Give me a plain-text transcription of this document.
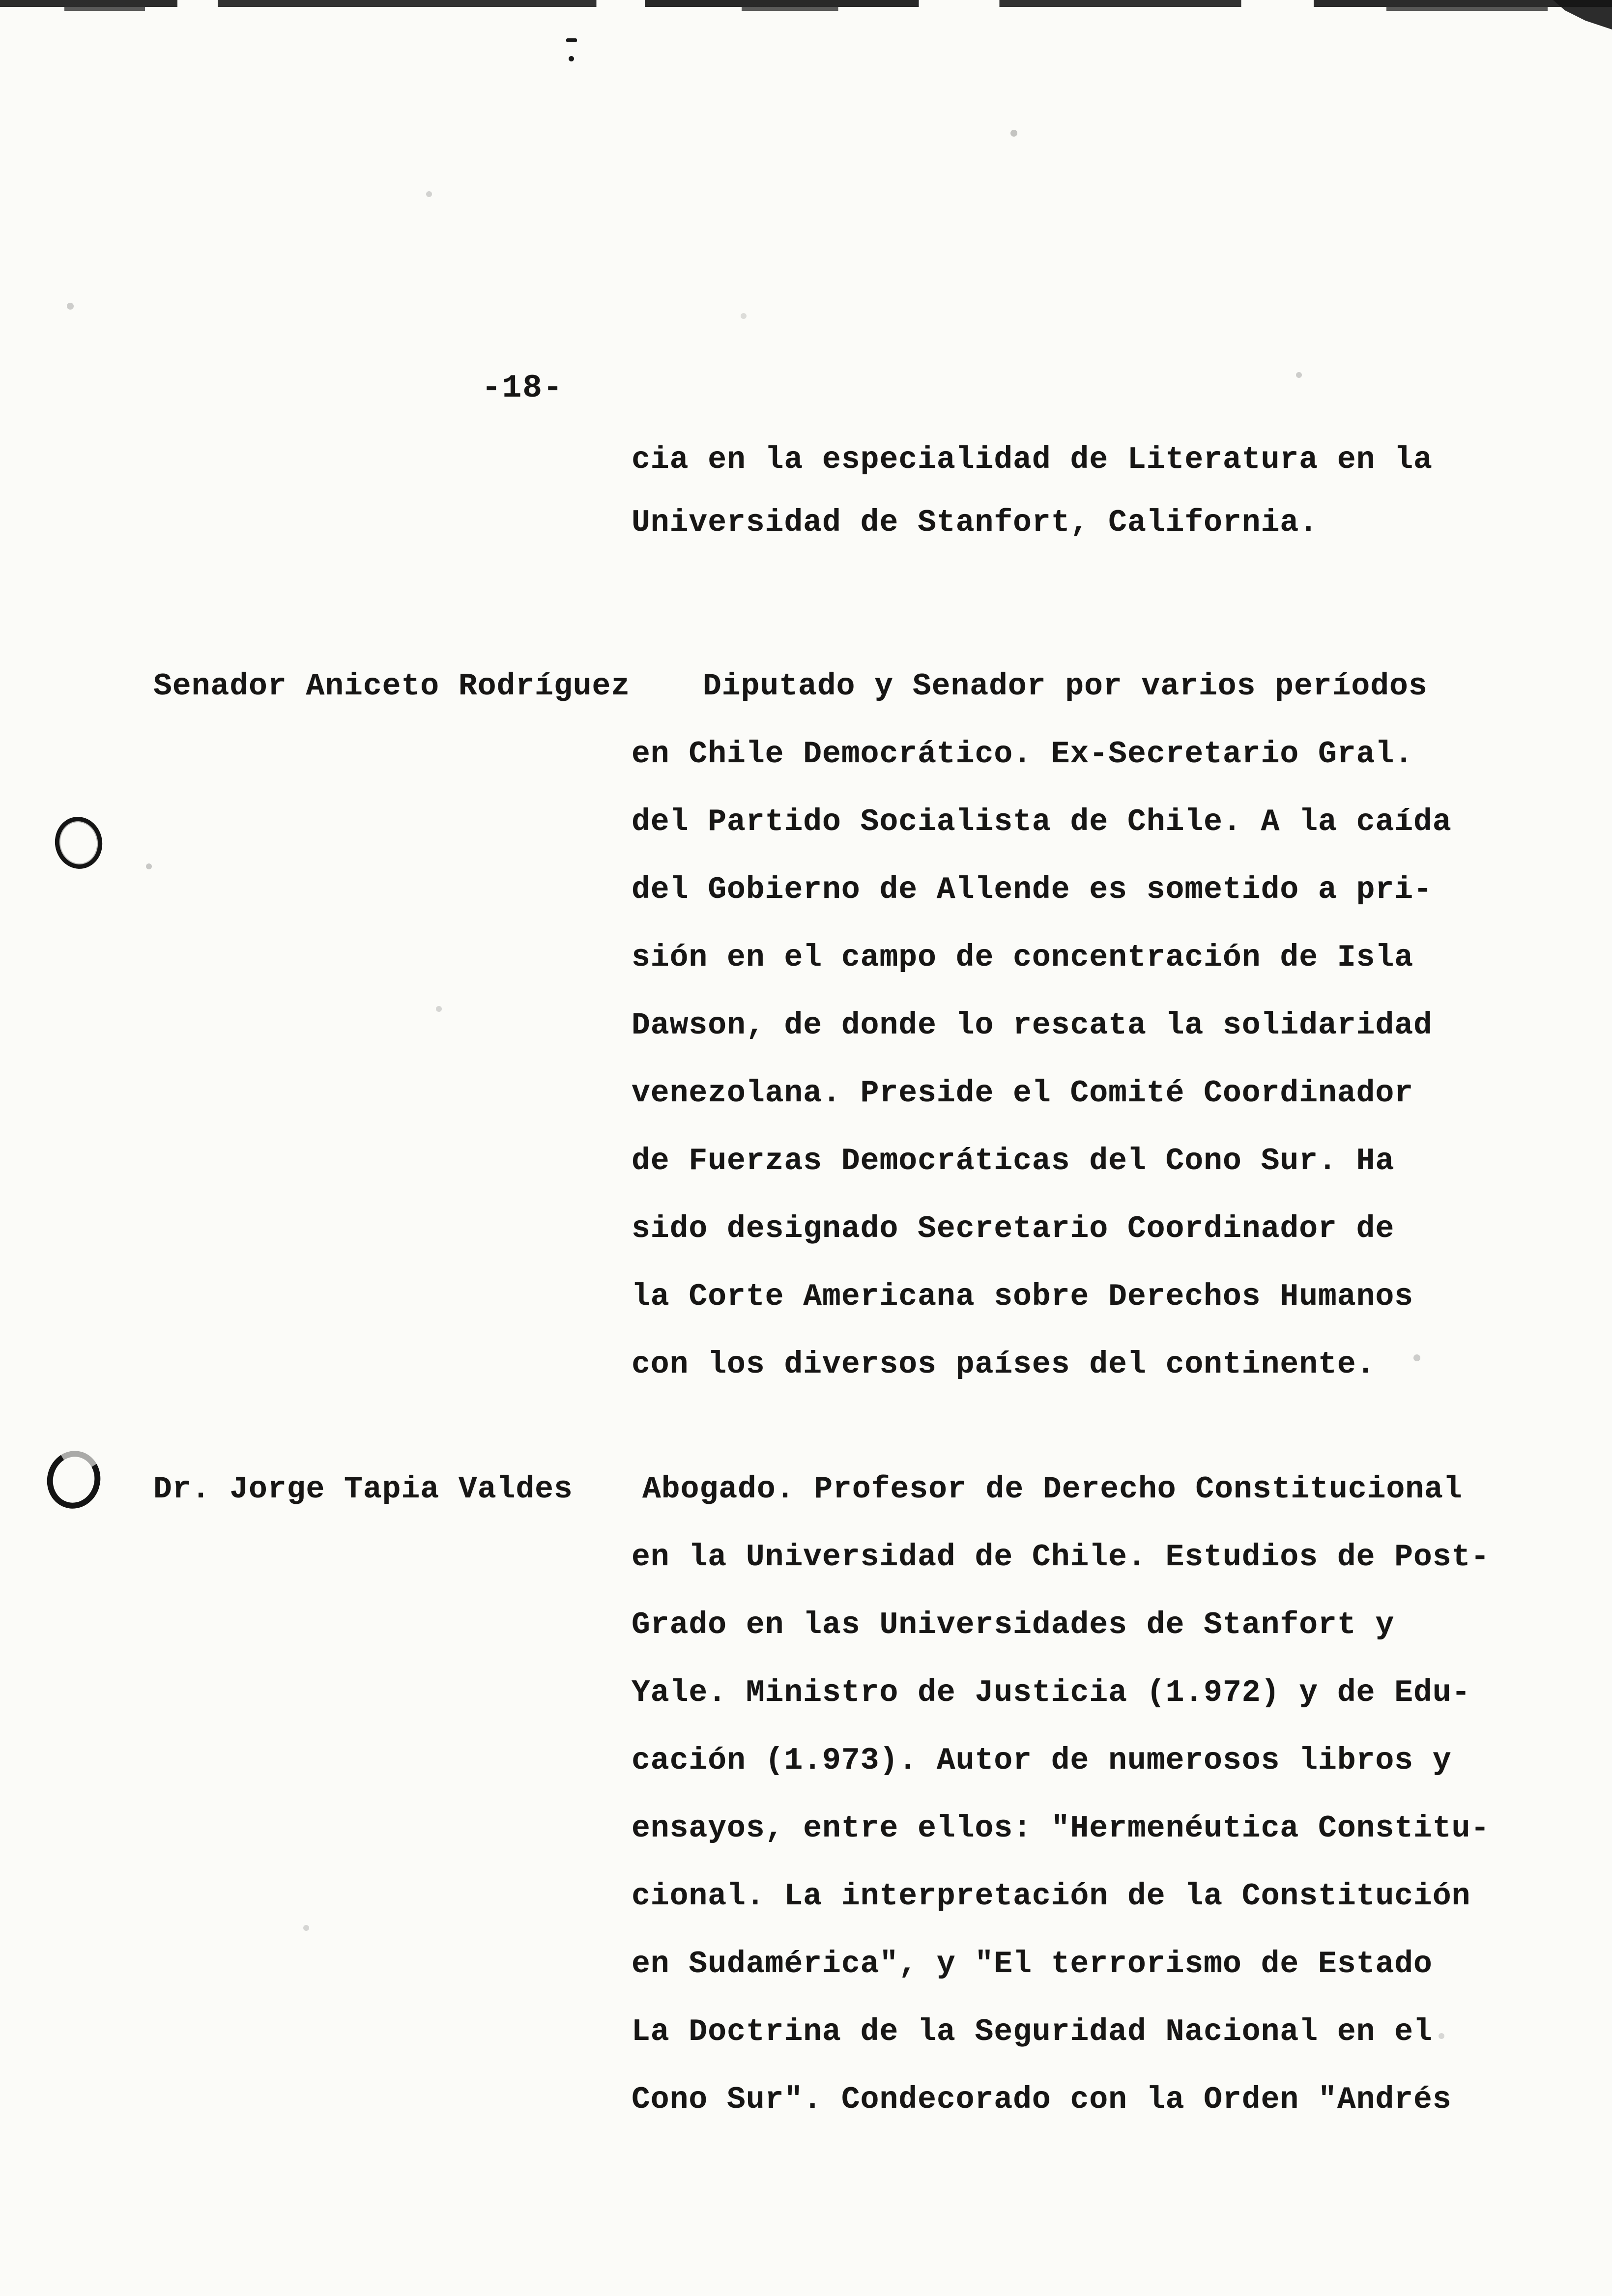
-18-
cia en la especialidad de Literatura en la
Universidad de Stanfort, California.
Senador Aniceto Rodríguez	Diputado y Senador por varios períodos
en Chile Democrático. Ex-Secretario Gral.
del Partido Socialista de Chile. A la caída
del Gobierno de Allende es sometido a pri-
sión en el campo de concentración de Isla
Dawson, de donde lo rescata la solidaridad
venezolana. Preside el Comité Coordinador
de Fuerzas Democráticas del Cono Sur. Ha
sido designado Secretario Coordinador de
la Corte Americana sobre Derechos Humanos
con los diversos países del continente.
Dr. Jorge Tapia Valdes	Abogado. Profesor de Derecho Constitucional
en la Universidad de Chile. Estudios de Post-
Grado en las Universidades de Stanfort y
Yale. Ministro de Justicia (1.972) y de Edu-
cación (1.973). Autor de numerosos libros y
ensayos, entre ellos: "Hermenéutica Constitu-
cional. La interpretación de la Constitución
en Sudamérica", y "El terrorismo de Estado
La Doctrina de la Seguridad Nacional en el
Cono Sur". Condecorado con la Orden "Andrés
